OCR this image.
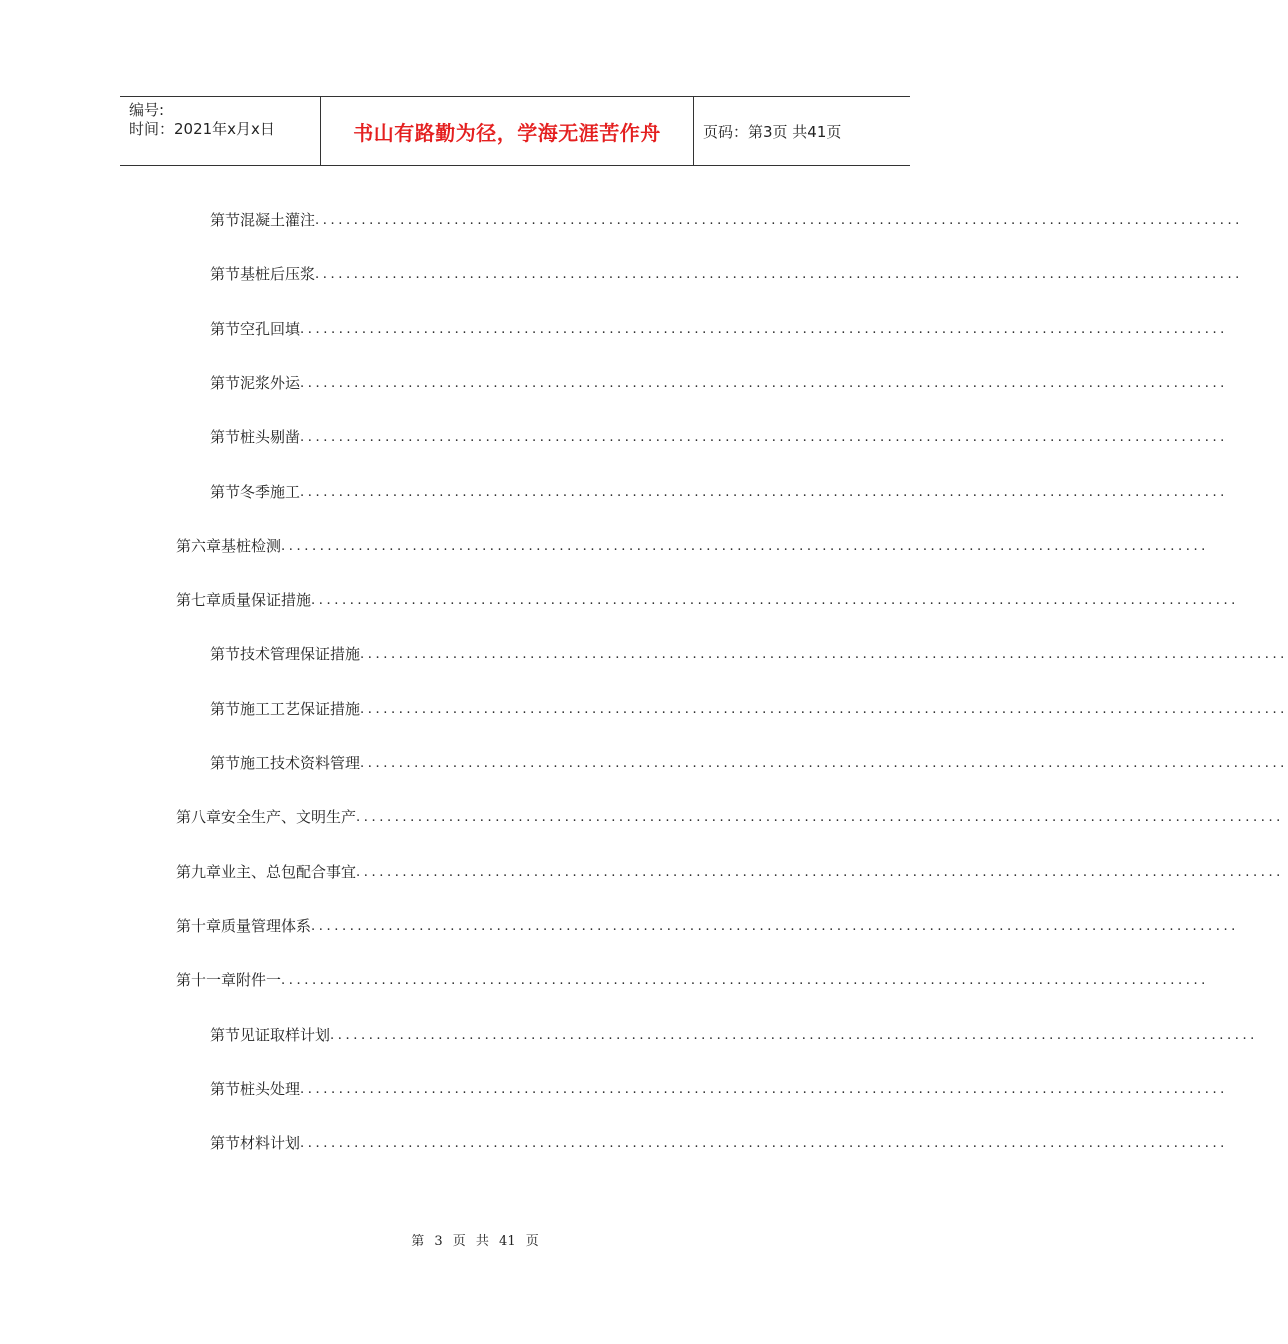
编号:
时间：2021年x月x日	书山有路勤为径，学海无涯苦作舟	页码：第3页 共41页
第节 混凝土灌注 ........................................................................................................................
第节 基桩后压浆 ........................................................................................................................
第节 空孔回填 ........................................................................................................................
第节 泥浆外运 ........................................................................................................................
第节 桩头剔凿 ........................................................................................................................
第节 冬季施工 ........................................................................................................................
第六章 基桩检测 ........................................................................................................................
第七章 质量保证措施 ........................................................................................................................
第节 技术管理保证措施 ........................................................................................................................
第节 施工工艺保证措施 ........................................................................................................................
第节 施工技术资料管理 ........................................................................................................................
第八章 安全生产、文明生产 ........................................................................................................................
第九章 业主、总包配合事宜 ........................................................................................................................
第十章 质量管理体系 ........................................................................................................................
第十一章 附件一 ........................................................................................................................
第节 见证取样计划 ........................................................................................................................
第节 桩头处理 ........................................................................................................................
第节 材料计划 ........................................................................................................................
第 3 页 共 41 页
